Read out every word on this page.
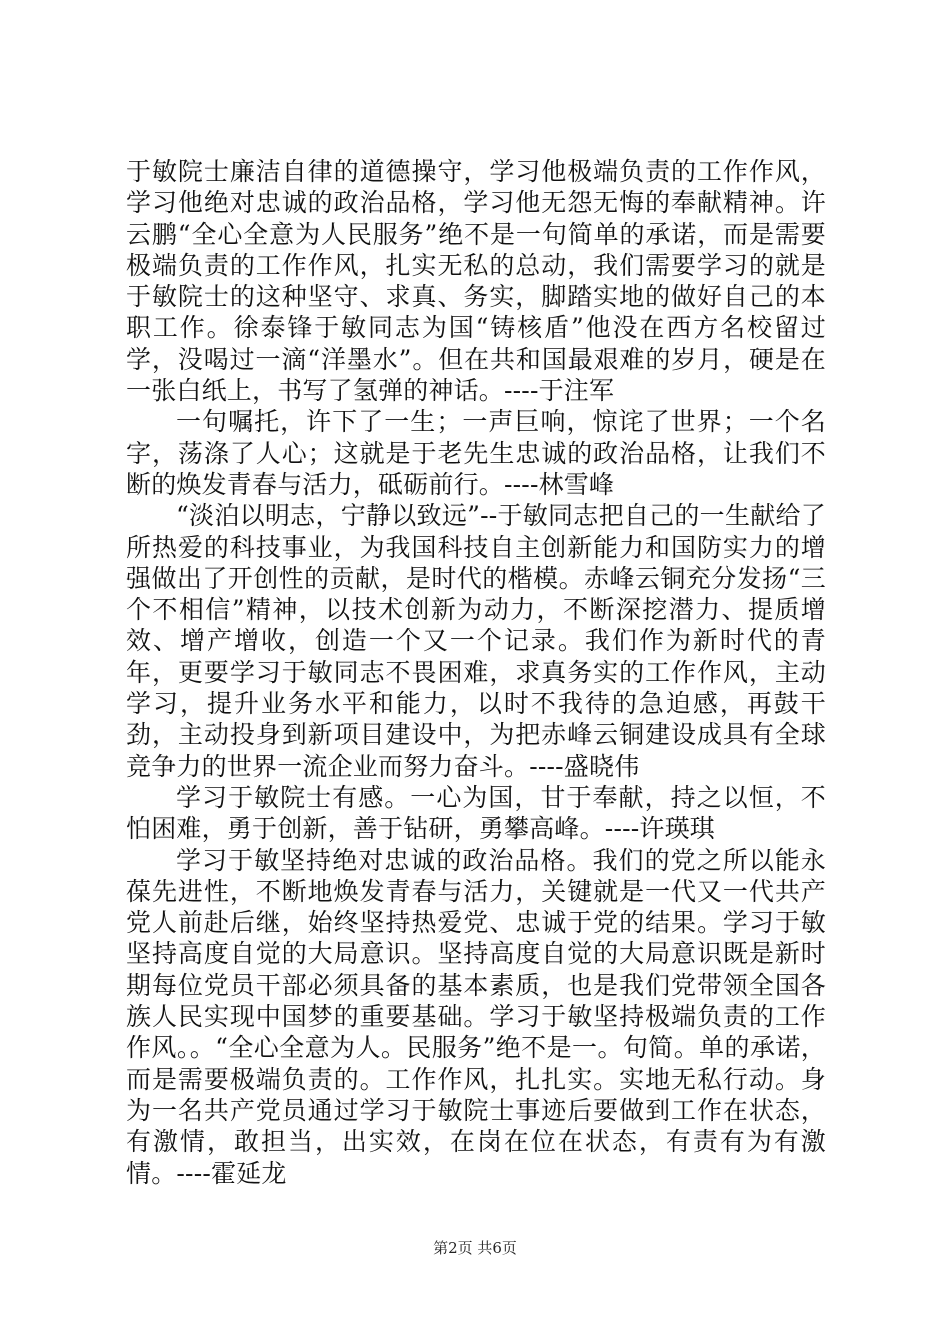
于敏院士廉洁自律的道德操守，学习他极端负责的工作作风，学习他绝对忠诚的政治品格，学习他无怨无悔的奉献精神。许云鹏“全心全意为人民服务”绝不是一句简单的承诺，而是需要极端负责的工作作风，扎实无私的总动，我们需要学习的就是于敏院士的这种坚守、求真、务实，脚踏实地的做好自己的本职工作。徐泰锋于敏同志为国“铸核盾”他没在西方名校留过学，没喝过一滴“洋墨水”。但在共和国最艰难的岁月，硬是在一张白纸上，书写了氢弹的神话。----于注军

一句嘱托，许下了一生；一声巨响，惊诧了世界；一个名字，荡涤了人心；这就是于老先生忠诚的政治品格，让我们不断的焕发青春与活力，砥砺前行。----林雪峰

“淡泊以明志，宁静以致远”--于敏同志把自己的一生献给了所热爱的科技事业，为我国科技自主创新能力和国防实力的增强做出了开创性的贡献，是时代的楷模。赤峰云铜充分发扬“三个不相信”精神，以技术创新为动力，不断深挖潜力、提质增效、增产增收，创造一个又一个记录。我们作为新时代的青年，更要学习于敏同志不畏困难，求真务实的工作作风，主动学习，提升业务水平和能力，以时不我待的急迫感，再鼓干劲，主动投身到新项目建设中，为把赤峰云铜建设成具有全球竞争力的世界一流企业而努力奋斗。----盛晓伟

学习于敏院士有感。一心为国，甘于奉献，持之以恒，不怕困难，勇于创新，善于钻研，勇攀高峰。----许瑛琪

学习于敏坚持绝对忠诚的政治品格。我们的党之所以能永葆先进性，不断地焕发青春与活力，关键就是一代又一代共产党人前赴后继，始终坚持热爱党、忠诚于党的结果。学习于敏坚持高度自觉的大局意识。坚持高度自觉的大局意识既是新时期每位党员干部必须具备的基本素质，也是我们党带领全国各族人民实现中国梦的重要基础。学习于敏坚持极端负责的工作作风。。“全心全意为人。民服务”绝不是一。句简。单的承诺，而是需要极端负责的。工作作风，扎扎实。实地无私行动。身为一名共产党员通过学习于敏院士事迹后要做到工作在状态，有激情，敢担当，出实效，在岗在位在状态，有责有为有激情。----霍延龙

第2页 共6页
